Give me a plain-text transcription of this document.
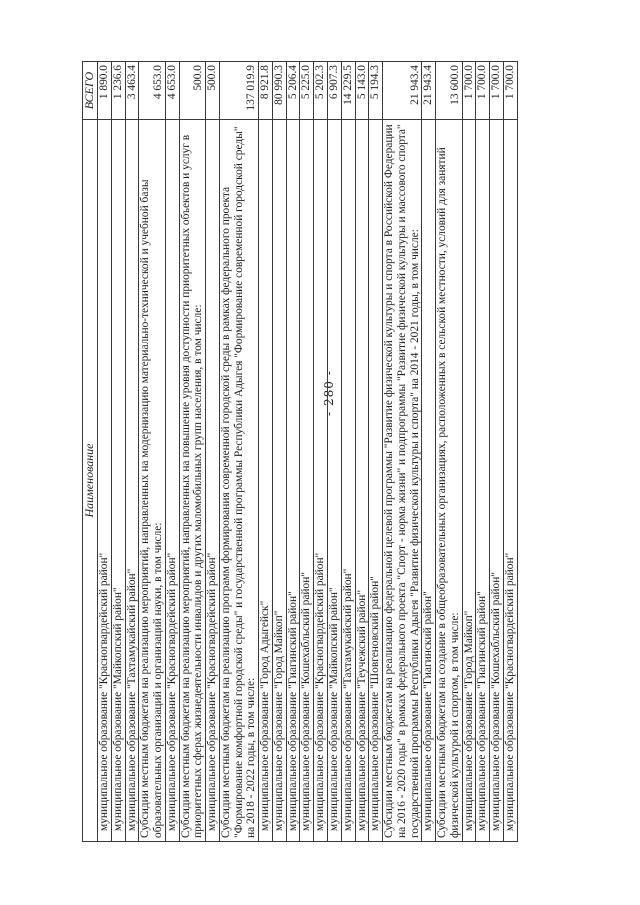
- 280 -
Наименование	ВСЕГО
муниципальное образование "Красногвардейский район"	1 890.0
муниципальное образование "Майкопский район"	1 236.6
муниципальное образование "Тахтамукайский район"	3 463.4
Субсидии местным бюджетам на реализацию мероприятий, направленных на модернизацию материально-технической и учебной базы образовательных организаций и организаций науки, в том числе:	4 653.0
муниципальное образование "Красногвардейский район"	4 653.0
Субсидии местным бюджетам на реализацию мероприятий, направленных на повышение уровня доступности приоритетных объектов и услуг в приоритетных сферах жизнедеятельности инвалидов и других маломобильных групп населения, в том числе:	500.0
муниципальное образование "Красногвардейский район"	500.0
Субсидии местным бюджетам на реализацию программ формирования современной городской среды в рамках федерального проекта "Формирование комфортной городской среды" и государственной программы Республики Адыгея "Формирование современной городской среды" на 2018 - 2022 годы, в том числе:	137 019.9
муниципальное образование "Город Адыгейск"	8 921.8
муниципальное образование "Город Майкоп"	80 990.3
муниципальное образование "Гиагинский район"	5 206.4
муниципальное образование "Кошехабльский район"	5 225.0
муниципальное образование "Красногвардейский район"	5 202.3
муниципальное образование "Майкопский район"	6 907.3
муниципальное образование "Тахтамукайский район"	14 229.5
муниципальное образование "Теучежский район"	5 143.0
муниципальное образование "Шовгеновский район"	5 194.3
Субсидии местным бюджетам на реализацию федеральной целевой программы "Развитие физической культуры и спорта в Российской Федерации на 2016 - 2020 годы" в рамках федерального проекта "Спорт - норма жизни" и подпрограммы "Развитие физической культуры и массового спорта" государственной программы Республики Адыгея "Развитие физической культуры и спорта" на 2014 - 2021 годы, в том числе:	21 943.4
муниципальное образование "Гиагинский район"	21 943.4
Субсидии местным бюджетам на создание в общеобразовательных организациях, расположенных в сельской местности, условий для занятий физической культурой и спортом, в том числе:	13 600.0
муниципальное образование "Город Майкоп"	1 700.0
муниципальное образование "Гиагинский район"	1 700.0
муниципальное образование "Кошехабльский район"	1 700.0
муниципальное образование "Красногвардейский район"	1 700.0
